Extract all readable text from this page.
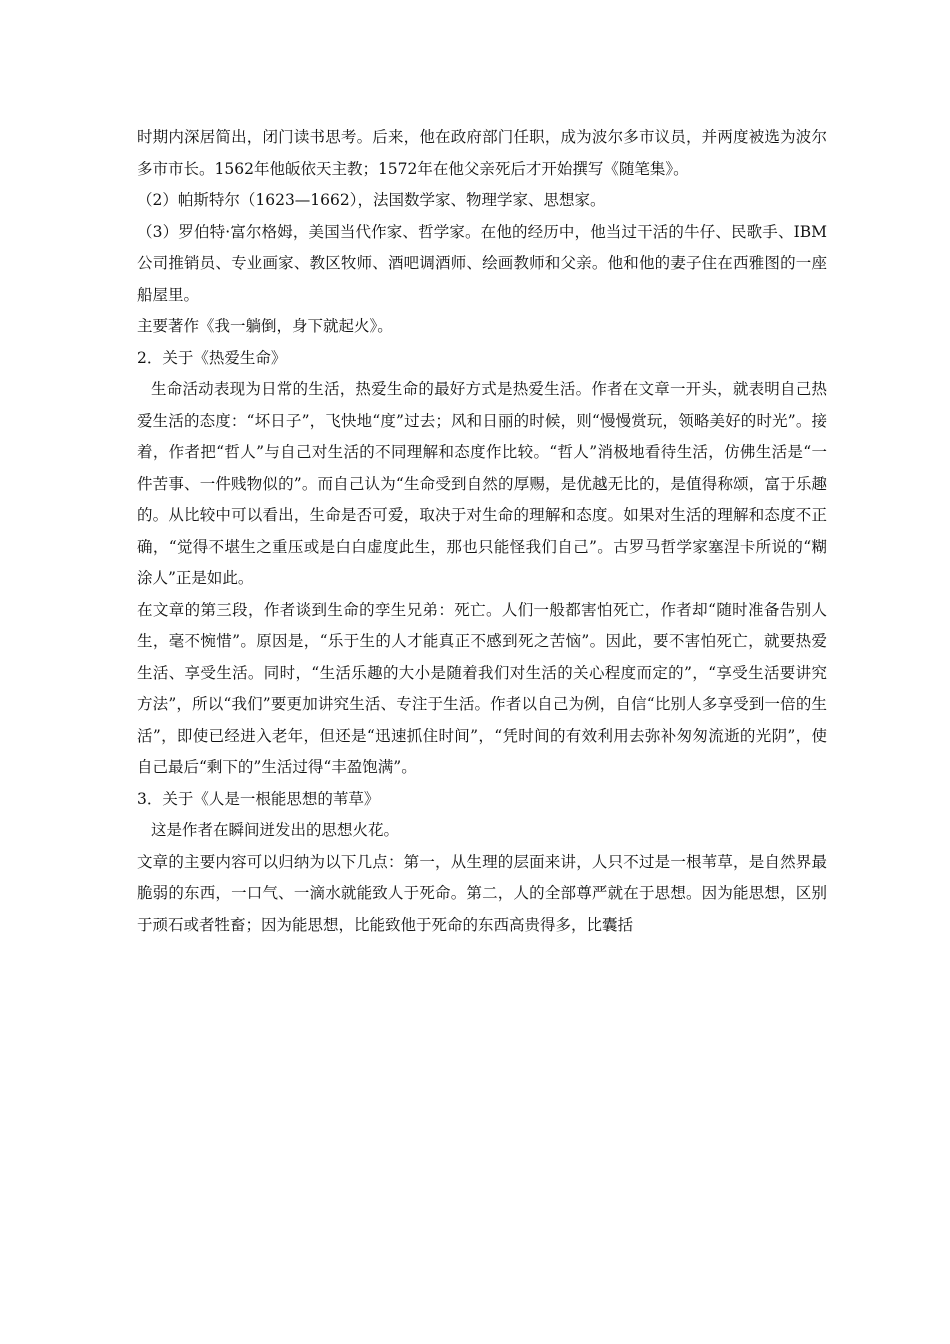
时期内深居简出，闭门读书思考。后来，他在政府部门任职，成为波尔多市议员，并两度被选为波尔多市市长。1562年他皈依天主教；1572年在他父亲死后才开始撰写《随笔集》。

（2）帕斯特尔（1623—1662），法国数学家、物理学家、思想家。

（3）罗伯特·富尔格姆，美国当代作家、哲学家。在他的经历中，他当过干活的牛仔、民歌手、IBM公司推销员、专业画家、教区牧师、酒吧调酒师、绘画教师和父亲。他和他的妻子住在西雅图的一座船屋里。

主要著作《我一躺倒，身下就起火》。

2．关于《热爱生命》

生命活动表现为日常的生活，热爱生命的最好方式是热爱生活。作者在文章一开头，就表明自己热爱生活的态度：“坏日子”，飞快地“度”过去；风和日丽的时候，则“慢慢赏玩，领略美好的时光”。接着，作者把“哲人”与自己对生活的不同理解和态度作比较。“哲人”消极地看待生活，仿佛生活是“一件苦事、一件贱物似的”。而自己认为“生命受到自然的厚赐，是优越无比的，是值得称颂，富于乐趣的。从比较中可以看出，生命是否可爱，取决于对生命的理解和态度。如果对生活的理解和态度不正确，“觉得不堪生之重压或是白白虚度此生，那也只能怪我们自己”。古罗马哲学家塞涅卡所说的“糊涂人”正是如此。

在文章的第三段，作者谈到生命的孪生兄弟：死亡。人们一般都害怕死亡，作者却“随时准备告别人生，毫不惋惜”。原因是，“乐于生的人才能真正不感到死之苦恼”。因此，要不害怕死亡，就要热爱生活、享受生活。同时，“生活乐趣的大小是随着我们对生活的关心程度而定的”，“享受生活要讲究方法”，所以“我们”要更加讲究生活、专注于生活。作者以自己为例，自信“比别人多享受到一倍的生活”，即使已经进入老年，但还是“迅速抓住时间”，“凭时间的有效利用去弥补匆匆流逝的光阴”，使自己最后“剩下的”生活过得“丰盈饱满”。

3．关于《人是一根能思想的苇草》

这是作者在瞬间迸发出的思想火花。

文章的主要内容可以归纳为以下几点：第一，从生理的层面来讲，人只不过是一根苇草，是自然界最脆弱的东西，一口气、一滴水就能致人于死命。第二，人的全部尊严就在于思想。因为能思想，区别于顽石或者牲畜；因为能思想，比能致他于死命的东西高贵得多，比囊括
